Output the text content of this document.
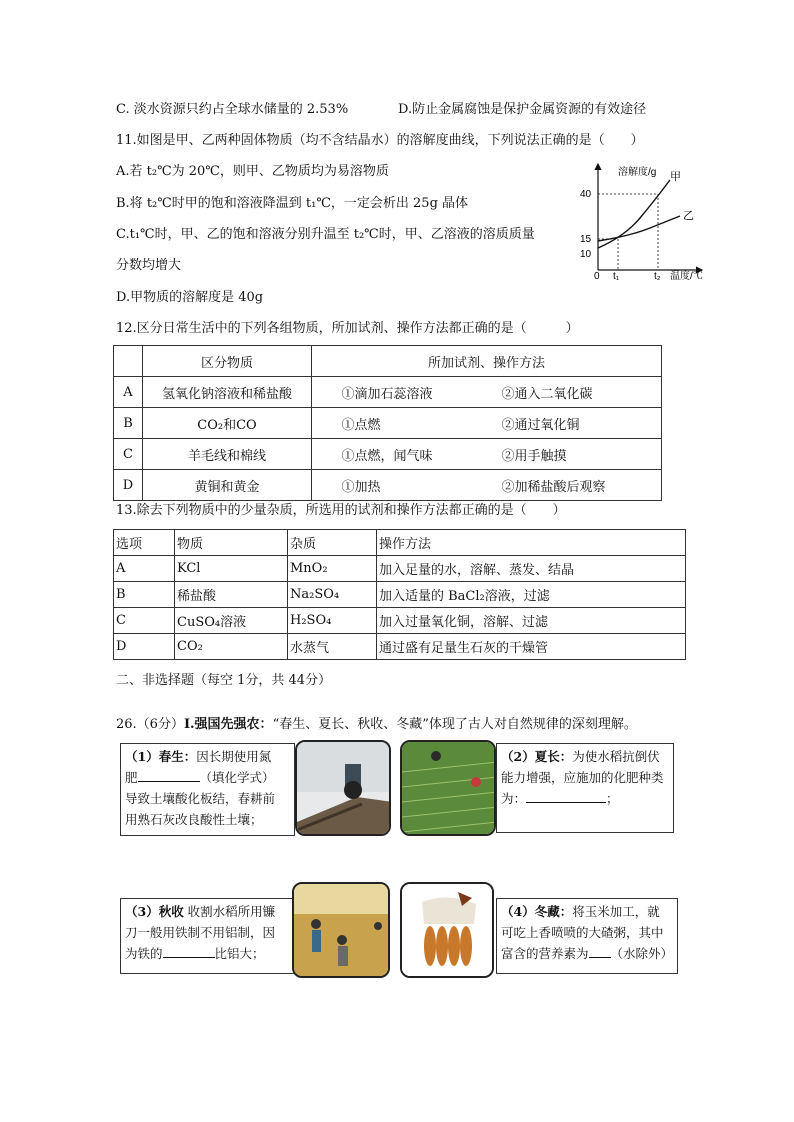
C. 淡水资源只约占全球水储量的 2.53%	D.防止金属腐蚀是保护金属资源的有效途径
11.如图是甲、乙两种固体物质（均不含结晶水）的溶解度曲线，下列说法正确的是（　　）
A.若 t₂℃为 20℃，则甲、乙物质均为易溶物质
B.将 t₂℃时甲的饱和溶液降温到 t₁℃，一定会析出 25g 晶体
C.t₁℃时，甲、乙的饱和溶液分别升温至 t₂℃时，甲、乙溶液的溶质质量
分数均增大
D.甲物质的溶解度是 40g
溶解度/g
温度/℃
40
15
10
0 t₁	t₂
甲
乙
12.区分日常生活中的下列各组物质，所加试剂、操作方法都正确的是（　　　）
	区分物质	所加试剂、操作方法
A	氢氧化钠溶液和稀盐酸	①滴加石蕊溶液 ②通入二氧化碳
B	CO₂和CO	①点燃 ②通过氧化铜
C	羊毛线和棉线	①点燃，闻气味 ②用手触摸
D	黄铜和黄金	①加热 ②加稀盐酸后观察
13.除去下列物质中的少量杂质，所选用的试剂和操作方法都正确的是（　　）
选项	物质	杂质	操作方法
A	KCl	MnO₂	加入足量的水，溶解、蒸发、结晶
B	稀盐酸	Na₂SO₄	加入适量的 BaCl₂溶液，过滤
C	CuSO₄溶液	H₂SO₄	加入过量氧化铜，溶解、过滤
D	CO₂	水蒸气	通过盛有足量生石灰的干燥管
二、非选择题（每空 1分，共 44分）
26.（6分）Ⅰ.强国先强农：“春生、夏长、秋收、冬藏”体现了古人对自然规律的深刻理解。
（1）春生：因长期使用氮
肥	（填化学式）
导致土壤酸化板结，春耕前
用熟石灰改良酸性土壤；
（2）夏长：为使水稻抗倒伏
能力增强，应施加的化肥种类
为：	；
（3）秋收 收割水稻所用镰
刀一般用铁制不用铝制，因
为铁的	比铝大；
（4）冬藏：将玉米加工，就
可吃上香喷喷的大碴粥，其中
富含的营养素为 （水除外）
